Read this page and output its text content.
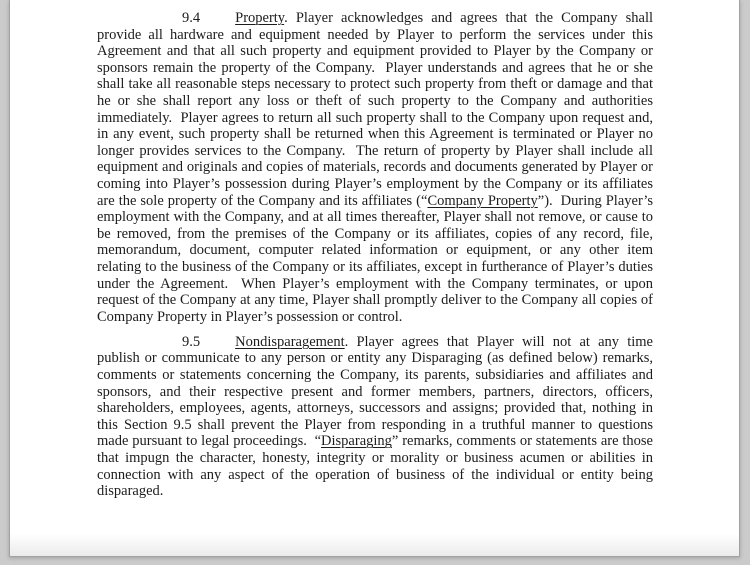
9.4 Property. Player acknowledges and agrees that the Company shall provide all hardware and equipment needed by Player to perform the services under this Agreement and that all such property and equipment provided to Player by the Company or sponsors remain the property of the Company.  Player understands and agrees that he or she shall take all reasonable steps necessary to protect such property from theft or damage and that he or she shall report any loss or theft of such property to the Company and authorities immediately.  Player agrees to return all such property shall to the Company upon request and, in any event, such property shall be returned when this Agreement is terminated or Player no longer provides services to the Company.  The return of property by Player shall include all equipment and originals and copies of materials, records and documents generated by Player or coming into Player’s possession during Player’s employment by the Company or its affiliates are the sole property of the Company and its affiliates (“Company Property”).  During Player’s employment with the Company, and at all times thereafter, Player shall not remove, or cause to be removed, from the premises of the Company or its affiliates, copies of any record, file, memorandum, document, computer related information or equipment, or any other item relating to the business of the Company or its affiliates, except in furtherance of Player’s duties under the Agreement.  When Player’s employment with the Company terminates, or upon request of the Company at any time, Player shall promptly deliver to the Company all copies of Company Property in Player’s possession or control.

9.5 Nondisparagement. Player agrees that Player will not at any time publish or communicate to any person or entity any Disparaging (as defined below) remarks, comments or statements concerning the Company, its parents, subsidiaries and affiliates and sponsors, and their respective present and former members, partners, directors, officers, shareholders, employees, agents, attorneys, successors and assigns; provided that, nothing in this Section 9.5 shall prevent the Player from responding in a truthful manner to questions made pursuant to legal proceedings.  “Disparaging” remarks, comments or statements are those that impugn the character, honesty, integrity or morality or business acumen or abilities in connection with any aspect of the operation of business of the individual or entity being disparaged.
